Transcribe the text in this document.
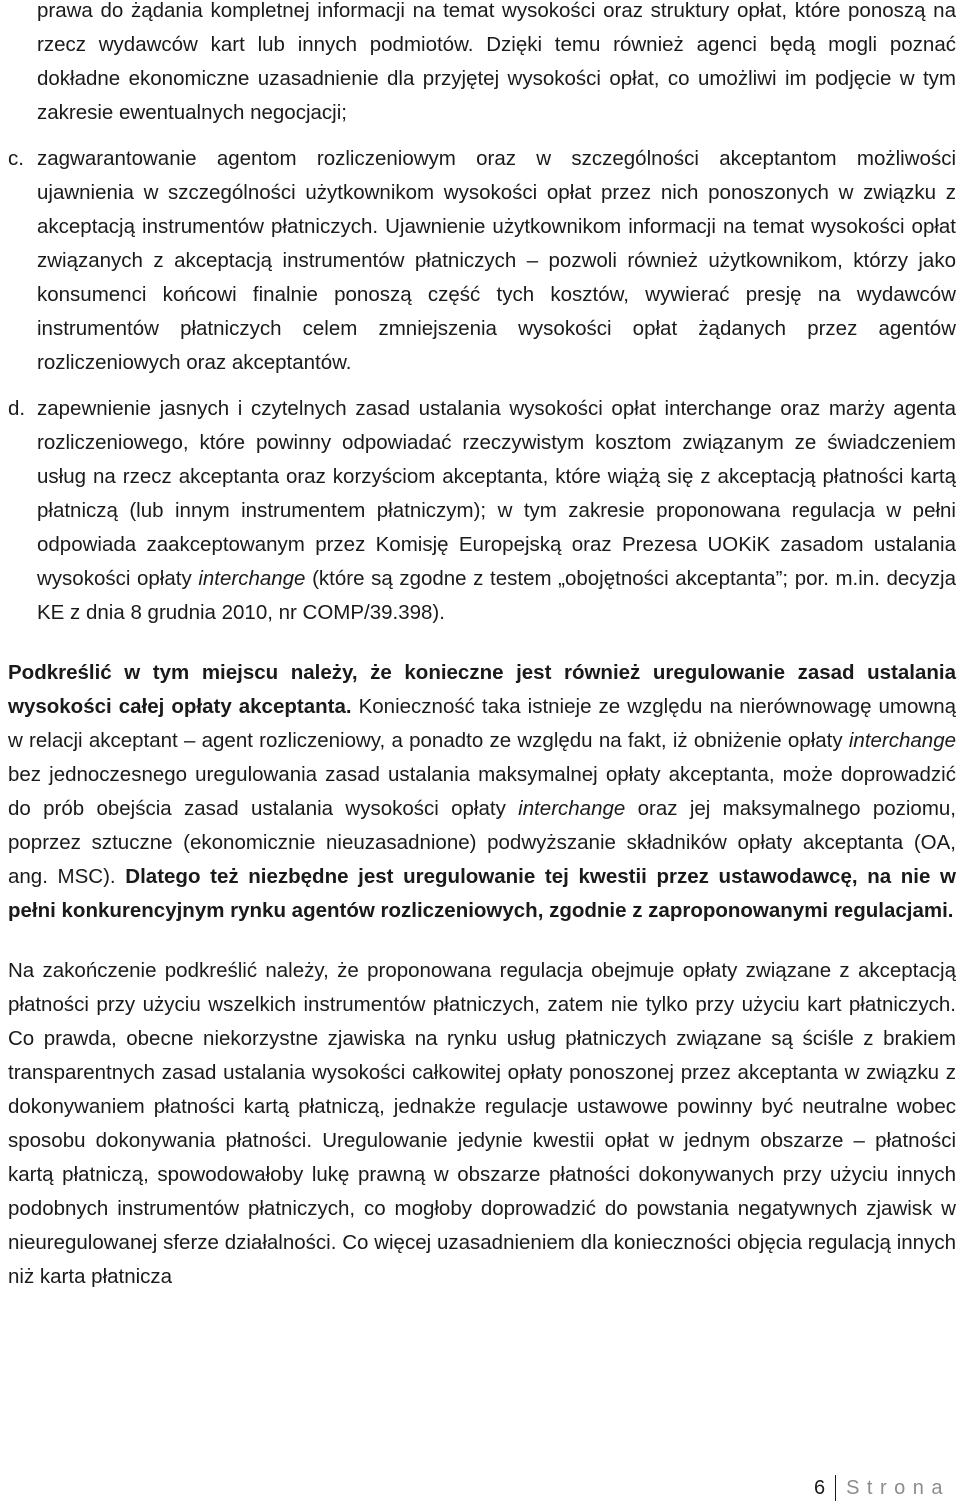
prawa do żądania kompletnej informacji na temat wysokości oraz struktury opłat, które ponoszą na rzecz wydawców kart lub innych podmiotów. Dzięki temu również agenci będą mogli poznać dokładne ekonomiczne uzasadnienie dla przyjętej wysokości opłat, co umożliwi im podjęcie w tym zakresie ewentualnych negocjacji;

c. zagwarantowanie agentom rozliczeniowym oraz w szczególności akceptantom możliwości ujawnienia w szczególności użytkownikom wysokości opłat przez nich ponoszonych w związku z akceptacją instrumentów płatniczych. Ujawnienie użytkownikom informacji na temat wysokości opłat związanych z akceptacją instrumentów płatniczych – pozwoli również użytkownikom, którzy jako konsumenci końcowi finalnie ponoszą część tych kosztów, wywierać presję na wydawców instrumentów płatniczych celem zmniejszenia wysokości opłat żądanych przez agentów rozliczeniowych oraz akceptantów.

d. zapewnienie jasnych i czytelnych zasad ustalania wysokości opłat interchange oraz marży agenta rozliczeniowego, które powinny odpowiadać rzeczywistym kosztom związanym ze świadczeniem usług na rzecz akceptanta oraz korzyściom akceptanta, które wiążą się z akceptacją płatności kartą płatniczą (lub innym instrumentem płatniczym); w tym zakresie proponowana regulacja w pełni odpowiada zaakceptowanym przez Komisję Europejską oraz Prezesa UOKiK zasadom ustalania wysokości opłaty interchange (które są zgodne z testem „obojętności akceptanta”; por. m.in. decyzja KE z dnia 8 grudnia 2010, nr COMP/39.398).

Podkreślić w tym miejscu należy, że konieczne jest również uregulowanie zasad ustalania wysokości całej opłaty akceptanta. Konieczność taka istnieje ze względu na nierównowagę umowną w relacji akceptant – agent rozliczeniowy, a ponadto ze względu na fakt, iż obniżenie opłaty interchange bez jednoczesnego uregulowania zasad ustalania maksymalnej opłaty akceptanta, może doprowadzić do prób obejścia zasad ustalania wysokości opłaty interchange oraz jej maksymalnego poziomu, poprzez sztuczne (ekonomicznie nieuzasadnione) podwyższanie składników opłaty akceptanta (OA, ang. MSC). Dlatego też niezbędne jest uregulowanie tej kwestii przez ustawodawcę, na nie w pełni konkurencyjnym rynku agentów rozliczeniowych, zgodnie z zaproponowanymi regulacjami.

Na zakończenie podkreślić należy, że proponowana regulacja obejmuje opłaty związane z akceptacją płatności przy użyciu wszelkich instrumentów płatniczych, zatem nie tylko przy użyciu kart płatniczych. Co prawda, obecne niekorzystne zjawiska na rynku usług płatniczych związane są ściśle z brakiem transparentnych zasad ustalania wysokości całkowitej opłaty ponoszonej przez akceptanta w związku z dokonywaniem płatności kartą płatniczą, jednakże regulacje ustawowe powinny być neutralne wobec sposobu dokonywania płatności. Uregulowanie jedynie kwestii opłat w jednym obszarze – płatności kartą płatniczą, spowodowałoby lukę prawną w obszarze płatności dokonywanych przy użyciu innych podobnych instrumentów płatniczych, co mogłoby doprowadzić do powstania negatywnych zjawisk w nieuregulowanej sferze działalności. Co więcej uzasadnieniem dla konieczności objęcia regulacją innych niż karta płatnicza

6 Strona
